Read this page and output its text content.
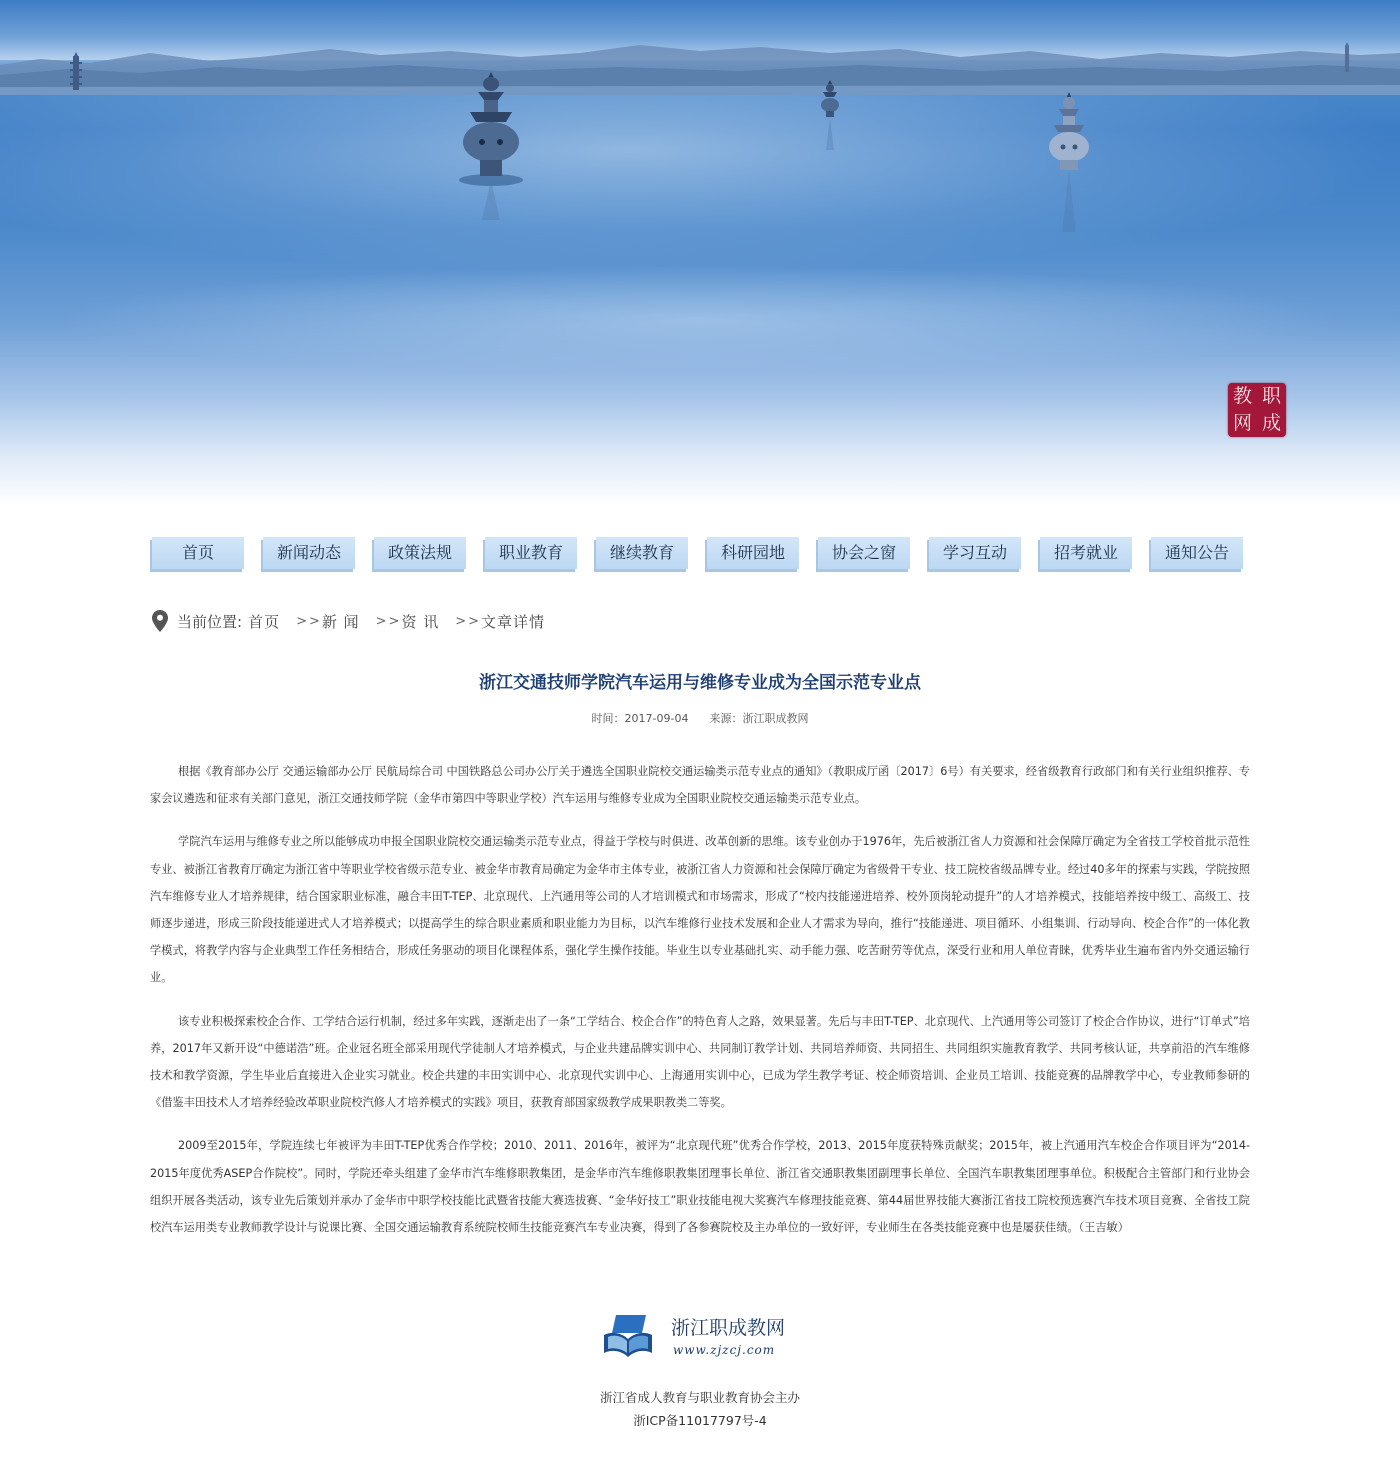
教 职
网 成
首页	新闻动态	政策法规	职业教育	继续教育	科研园地	协会之窗	学习互动	招考就业	通知公告
当前位置: 首页 >> 新 闻 >> 资 讯 >> 文章详情
浙江交通技师学院汽车运用与维修专业成为全国示范专业点
时间：2017-09-04 来源：浙江职成教网

根据《教育部办公厅 交通运输部办公厅 民航局综合司 中国铁路总公司办公厅关于遴选全国职业院校交通运输类示范专业点的通知》（教职成厅函〔2017〕6号）有关要求，经省级教育行政部门和有关行业组织推荐、专家会议遴选和征求有关部门意见，浙江交通技师学院（金华市第四中等职业学校）汽车运用与维修专业成为全国职业院校交通运输类示范专业点。

学院汽车运用与维修专业之所以能够成功申报全国职业院校交通运输类示范专业点，得益于学校与时俱进、改革创新的思维。该专业创办于1976年，先后被浙江省人力资源和社会保障厅确定为全省技工学校首批示范性专业、被浙江省教育厅确定为浙江省中等职业学校省级示范专业、被金华市教育局确定为金华市主体专业，被浙江省人力资源和社会保障厅确定为省级骨干专业、技工院校省级品牌专业。经过40多年的探索与实践，学院按照汽车维修专业人才培养规律，结合国家职业标准，融合丰田T-TEP、北京现代、上汽通用等公司的人才培训模式和市场需求，形成了“校内技能递进培养、校外顶岗轮动提升”的人才培养模式，技能培养按中级工、高级工、技师逐步递进，形成三阶段技能递进式人才培养模式；以提高学生的综合职业素质和职业能力为目标，以汽车维修行业技术发展和企业人才需求为导向，推行“技能递进、项目循环、小组集训、行动导向、校企合作”的一体化教学模式，将教学内容与企业典型工作任务相结合，形成任务驱动的项目化课程体系，强化学生操作技能。毕业生以专业基础扎实、动手能力强、吃苦耐劳等优点，深受行业和用人单位青睐，优秀毕业生遍布省内外交通运输行业。

该专业积极探索校企合作、工学结合运行机制，经过多年实践，逐渐走出了一条“工学结合、校企合作”的特色育人之路，效果显著。先后与丰田T-TEP、北京现代、上汽通用等公司签订了校企合作协议，进行“订单式”培养，2017年又新开设“中德诺浩”班。企业冠名班全部采用现代学徒制人才培养模式，与企业共建品牌实训中心、共同制订教学计划、共同培养师资、共同招生、共同组织实施教育教学、共同考核认证，共享前沿的汽车维修技术和教学资源，学生毕业后直接进入企业实习就业。校企共建的丰田实训中心、北京现代实训中心、上海通用实训中心，已成为学生教学考证、校企师资培训、企业员工培训、技能竞赛的品牌教学中心，专业教师参研的《借鉴丰田技术人才培养经验改革职业院校汽修人才培养模式的实践》项目，获教育部国家级教学成果职教类二等奖。

2009至2015年，学院连续七年被评为丰田T-TEP优秀合作学校；2010、2011、2016年，被评为“北京现代班”优秀合作学校，2013、2015年度获特殊贡献奖；2015年，被上汽通用汽车校企合作项目评为“2014-2015年度优秀ASEP合作院校”。同时，学院还牵头组建了金华市汽车维修职教集团，是金华市汽车维修职教集团理事长单位、浙江省交通职教集团副理事长单位、全国汽车职教集团理事单位。积极配合主管部门和行业协会组织开展各类活动，该专业先后策划并承办了金华市中职学校技能比武暨省技能大赛选拔赛、“金华好技工”职业技能电视大奖赛汽车修理技能竞赛、第44届世界技能大赛浙江省技工院校预选赛汽车技术项目竞赛、全省技工院校汽车运用类专业教师教学设计与说课比赛、全国交通运输教育系统院校师生技能竞赛汽车专业决赛，得到了各参赛院校及主办单位的一致好评，专业师生在各类技能竞赛中也是屡获佳绩。（王吉敏）

浙江职成教网
www.zjzcj.com
浙江省成人教育与职业教育协会主办
浙ICP备11017797号-4
